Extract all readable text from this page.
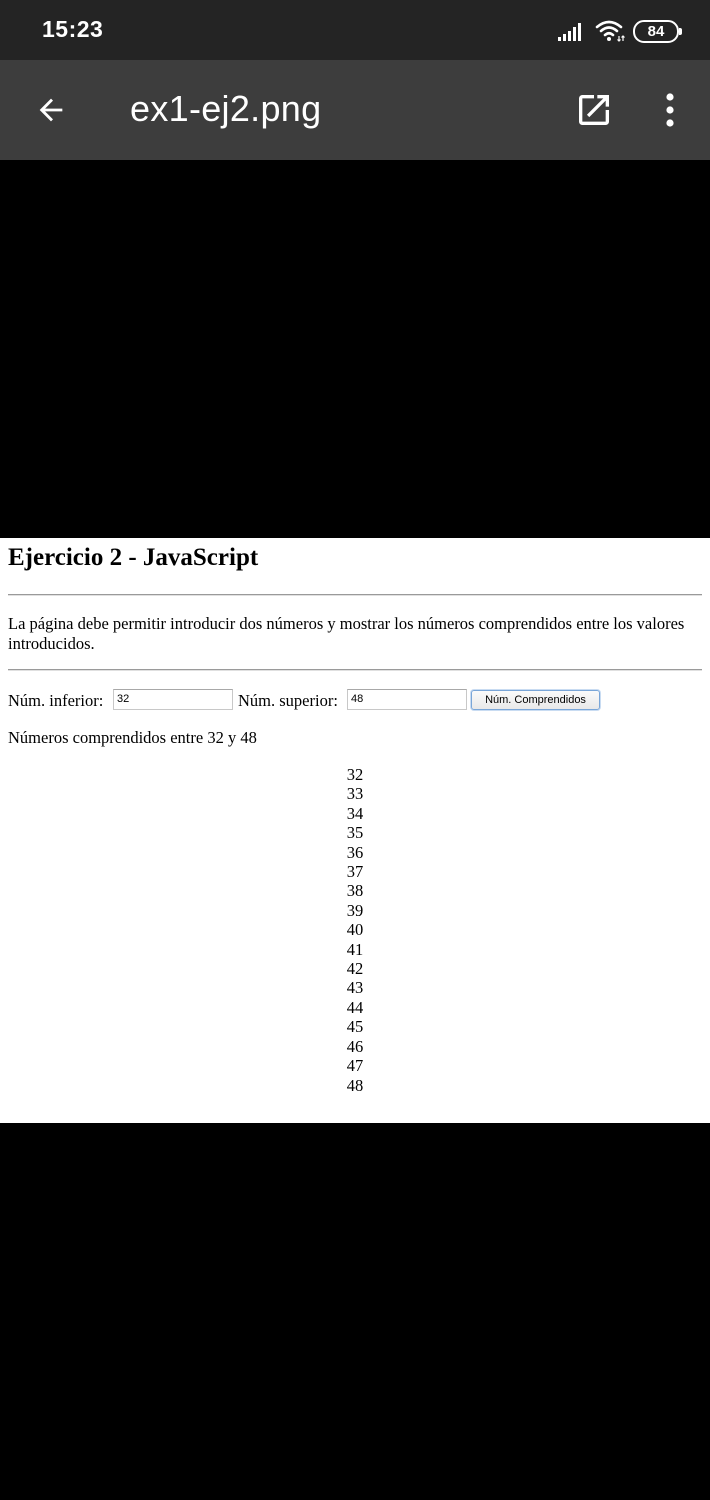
15:23	84
ex1-ej2.png
Ejercicio 2 - JavaScript

La página debe permitir introducir dos números y mostrar los números comprendidos entre los valores introducidos.

Núm. inferior:	32	Núm. superior:	48	Núm. Comprendidos
Números comprendidos entre 32 y 48
32
33
34
35
36
37
38
39
40
41
42
43
44
45
46
47
48
